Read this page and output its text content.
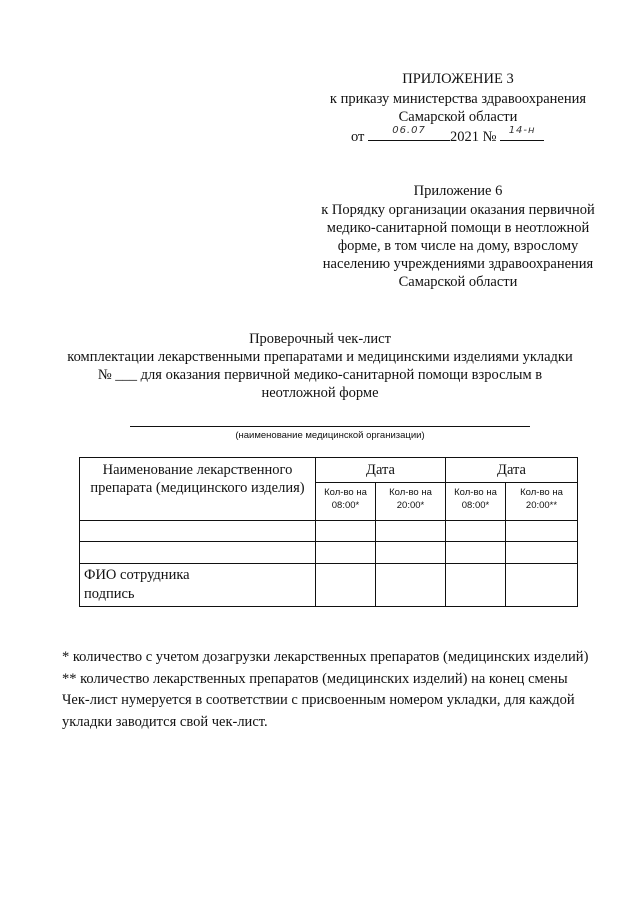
ПРИЛОЖЕНИЕ 3
к приказу министерства здравоохранения
Самарской области
от	06.07	2021 №	14-н
Приложение 6
к Порядку организации оказания первичной
медико-санитарной помощи в неотложной
форме, в том числе на дому, взрослому
населению учреждениями здравоохранения
Самарской области
Проверочный чек-лист
комплектации лекарственными препаратами и медицинскими изделиями укладки
№ ___ для оказания первичной медико-санитарной помощи взрослым в
неотложной форме
(наименование медицинской организации)
Наименование лекарственного препарата (медицинского изделия)	Дата		Дата	
	Кол-во на 08:00*	Кол-во на 20:00*	Кол-во на 08:00*	Кол-во на 20:00**

ФИО сотрудника
подпись				

* количество с учетом дозагрузки лекарственных препаратов (медицинских изделий)
** количество лекарственных препаратов (медицинских изделий) на конец смены
Чек-лист нумеруется в соответствии с присвоенным номером укладки, для каждой укладки заводится свой чек-лист.
